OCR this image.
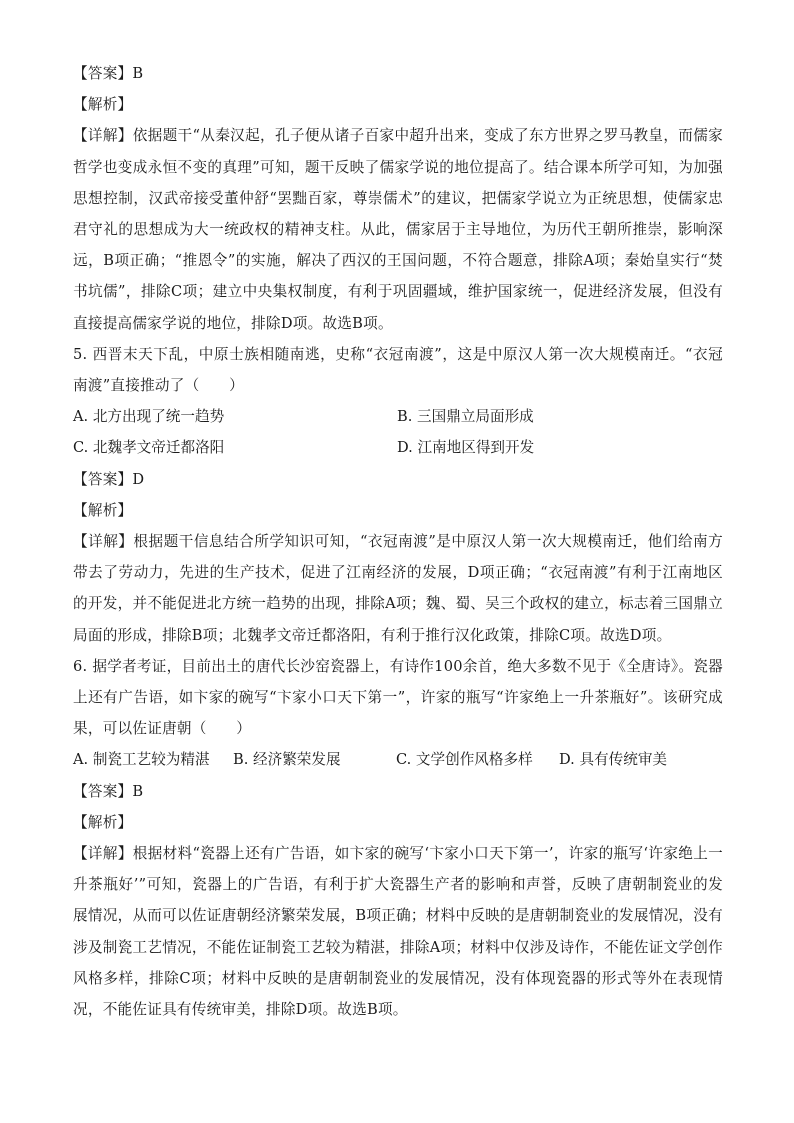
【答案】B
【解析】
【详解】依据题干“从秦汉起，孔子便从诸子百家中超升出来，变成了东方世界之罗马教皇，而儒家哲学也变成永恒不变的真理”可知，题干反映了儒家学说的地位提高了。结合课本所学可知，为加强思想控制，汉武帝接受董仲舒“罢黜百家，尊崇儒术”的建议，把儒家学说立为正统思想，使儒家忠君守礼的思想成为大一统政权的精神支柱。从此，儒家居于主导地位，为历代王朝所推崇，影响深远，B项正确；“推恩令”的实施，解决了西汉的王国问题，不符合题意，排除A项；秦始皇实行“焚书坑儒”，排除C项；建立中央集权制度，有利于巩固疆域，维护国家统一，促进经济发展，但没有直接提高儒家学说的地位，排除D项。故选B项。
5. 西晋末天下乱，中原士族相随南逃，史称“衣冠南渡”，这是中原汉人第一次大规模南迁。“衣冠南渡”直接推动了（　　）
A. 北方出现了统一趋势	B. 三国鼎立局面形成
C. 北魏孝文帝迁都洛阳	D. 江南地区得到开发
【答案】D
【解析】
【详解】根据题干信息结合所学知识可知，“衣冠南渡”是中原汉人第一次大规模南迁，他们给南方带去了劳动力，先进的生产技术，促进了江南经济的发展，D项正确；“衣冠南渡”有利于江南地区的开发，并不能促进北方统一趋势的出现，排除A项；魏、蜀、吴三个政权的建立，标志着三国鼎立局面的形成，排除B项；北魏孝文帝迁都洛阳，有利于推行汉化政策，排除C项。故选D项。
6. 据学者考证，目前出土的唐代长沙窑瓷器上，有诗作100余首，绝大多数不见于《全唐诗》。瓷器上还有广告语，如卞家的碗写“卞家小口天下第一”，许家的瓶写“许家绝上一升茶瓶好”。该研究成果，可以佐证唐朝（　　）
A. 制瓷工艺较为精湛	B. 经济繁荣发展	C. 文学创作风格多样	D. 具有传统审美
【答案】B
【解析】
【详解】根据材料“瓷器上还有广告语，如卞家的碗写‘卞家小口天下第一’，许家的瓶写‘许家绝上一升茶瓶好’”可知，瓷器上的广告语，有利于扩大瓷器生产者的影响和声誉，反映了唐朝制瓷业的发展情况，从而可以佐证唐朝经济繁荣发展，B项正确；材料中反映的是唐朝制瓷业的发展情况，没有涉及制瓷工艺情况，不能佐证制瓷工艺较为精湛，排除A项；材料中仅涉及诗作，不能佐证文学创作风格多样，排除C项；材料中反映的是唐朝制瓷业的发展情况，没有体现瓷器的形式等外在表现情况，不能佐证具有传统审美，排除D项。故选B项。
